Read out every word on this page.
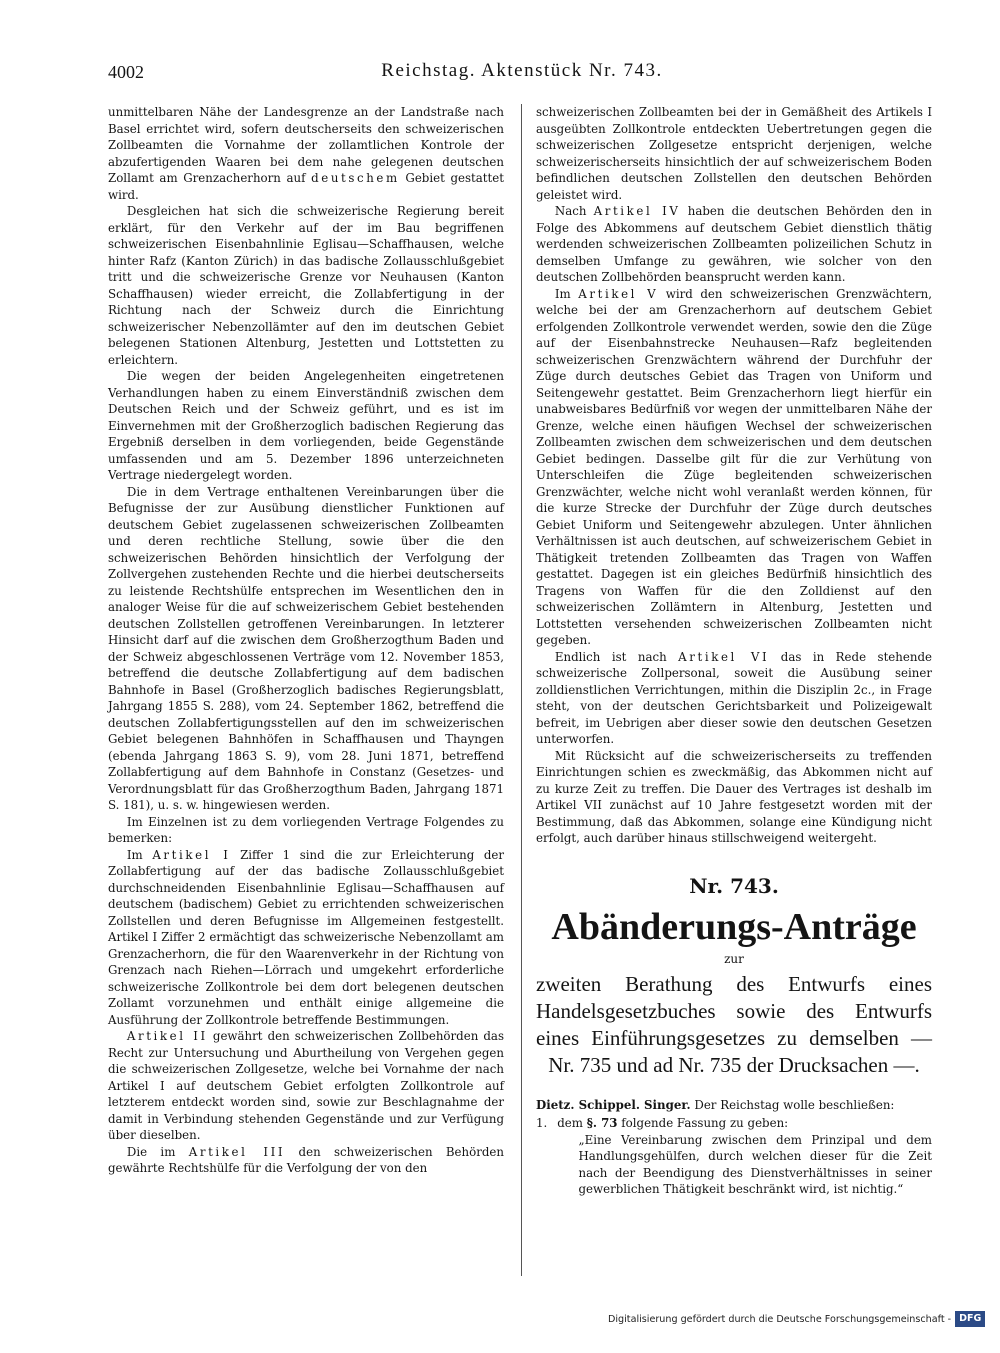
4002	Reichstag. Aktenstück Nr. 743.

unmittelbaren Nähe der Landesgrenze an der Landstraße nach Basel errichtet wird, sofern deutscherseits den schweizerischen Zollbeamten die Vornahme der zollamtlichen Kontrole der abzufertigenden Waaren bei dem nahe gelegenen deutschen Zollamt am Grenzacherhorn auf deutschem Gebiet gestattet wird.

Desgleichen hat sich die schweizerische Regierung bereit erklärt, für den Verkehr auf der im Bau begriffenen schweizerischen Eisenbahnlinie Eglisau—Schaffhausen, welche hinter Rafz (Kanton Zürich) in das badische Zollausschlußgebiet tritt und die schweizerische Grenze vor Neuhausen (Kanton Schaffhausen) wieder erreicht, die Zollabfertigung in der Richtung nach der Schweiz durch die Einrichtung schweizerischer Nebenzollämter auf den im deutschen Gebiet belegenen Stationen Altenburg, Jestetten und Lottstetten zu erleichtern.

Die wegen der beiden Angelegenheiten eingetretenen Verhandlungen haben zu einem Einverständniß zwischen dem Deutschen Reich und der Schweiz geführt, und es ist im Einvernehmen mit der Großherzoglich badischen Regierung das Ergebniß derselben in dem vorliegenden, beide Gegenstände umfassenden und am 5. Dezember 1896 unterzeichneten Vertrage niedergelegt worden.

Die in dem Vertrage enthaltenen Vereinbarungen über die Befugnisse der zur Ausübung dienstlicher Funktionen auf deutschem Gebiet zugelassenen schweizerischen Zollbeamten und deren rechtliche Stellung, sowie über die den schweizerischen Behörden hinsichtlich der Verfolgung der Zollvergehen zustehenden Rechte und die hierbei deutscherseits zu leistende Rechtshülfe entsprechen im Wesentlichen den in analoger Weise für die auf schweizerischem Gebiet bestehenden deutschen Zollstellen getroffenen Vereinbarungen. In letzterer Hinsicht darf auf die zwischen dem Großherzogthum Baden und der Schweiz abgeschlossenen Verträge vom 12. November 1853, betreffend die deutsche Zollabfertigung auf dem badischen Bahnhofe in Basel (Großherzoglich badisches Regierungsblatt, Jahrgang 1855 S. 288), vom 24. September 1862, betreffend die deutschen Zollabfertigungsstellen auf den im schweizerischen Gebiet belegenen Bahnhöfen in Schaffhausen und Thayngen (ebenda Jahrgang 1863 S. 9), vom 28. Juni 1871, betreffend Zollabfertigung auf dem Bahnhofe in Constanz (Gesetzes- und Verordnungsblatt für das Großherzogthum Baden, Jahrgang 1871 S. 181), u. s. w. hingewiesen werden.

Im Einzelnen ist zu dem vorliegenden Vertrage Folgendes zu bemerken:

Im Artikel I Ziffer 1 sind die zur Erleichterung der Zollabfertigung auf der das badische Zollausschlußgebiet durchschneidenden Eisenbahnlinie Eglisau—Schaffhausen auf deutschem (badischem) Gebiet zu errichtenden schweizerischen Zollstellen und deren Befugnisse im Allgemeinen festgestellt. Artikel I Ziffer 2 ermächtigt das schweizerische Nebenzollamt am Grenzacherhorn, die für den Waarenverkehr in der Richtung von Grenzach nach Riehen—Lörrach und umgekehrt erforderliche schweizerische Zollkontrole bei dem dort belegenen deutschen Zollamt vorzunehmen und enthält einige allgemeine die Ausführung der Zollkontrole betreffende Bestimmungen.

Artikel II gewährt den schweizerischen Zollbehörden das Recht zur Untersuchung und Aburtheilung von Vergehen gegen die schweizerischen Zollgesetze, welche bei Vornahme der nach Artikel I auf deutschem Gebiet erfolgten Zollkontrole auf letzterem entdeckt worden sind, sowie zur Beschlagnahme der damit in Verbindung stehenden Gegenstände und zur Verfügung über dieselben.

Die im Artikel III den schweizerischen Behörden gewährte Rechtshülfe für die Verfolgung der von den

schweizerischen Zollbeamten bei der in Gemäßheit des Artikels I ausgeübten Zollkontrole entdeckten Uebertretungen gegen die schweizerischen Zollgesetze entspricht derjenigen, welche schweizerischerseits hinsichtlich der auf schweizerischem Boden befindlichen deutschen Zollstellen den deutschen Behörden geleistet wird.

Nach Artikel IV haben die deutschen Behörden den in Folge des Abkommens auf deutschem Gebiet dienstlich thätig werdenden schweizerischen Zollbeamten polizeilichen Schutz in demselben Umfange zu gewähren, wie solcher von den deutschen Zollbehörden beansprucht werden kann.

Im Artikel V wird den schweizerischen Grenzwächtern, welche bei der am Grenzacherhorn auf deutschem Gebiet erfolgenden Zollkontrole verwendet werden, sowie den die Züge auf der Eisenbahnstrecke Neuhausen—Rafz begleitenden schweizerischen Grenzwächtern während der Durchfuhr der Züge durch deutsches Gebiet das Tragen von Uniform und Seitengewehr gestattet. Beim Grenzacherhorn liegt hierfür ein unabweisbares Bedürfniß vor wegen der unmittelbaren Nähe der Grenze, welche einen häufigen Wechsel der schweizerischen Zollbeamten zwischen dem schweizerischen und dem deutschen Gebiet bedingen. Dasselbe gilt für die zur Verhütung von Unterschleifen die Züge begleitenden schweizerischen Grenzwächter, welche nicht wohl veranlaßt werden können, für die kurze Strecke der Durchfuhr der Züge durch deutsches Gebiet Uniform und Seitengewehr abzulegen. Unter ähnlichen Verhältnissen ist auch deutschen, auf schweizerischem Gebiet in Thätigkeit tretenden Zollbeamten das Tragen von Waffen gestattet. Dagegen ist ein gleiches Bedürfniß hinsichtlich des Tragens von Waffen für die den Zolldienst auf den schweizerischen Zollämtern in Altenburg, Jestetten und Lottstetten versehenden schweizerischen Zollbeamten nicht gegeben.

Endlich ist nach Artikel VI das in Rede stehende schweizerische Zollpersonal, soweit die Ausübung seiner zolldienstlichen Verrichtungen, mithin die Disziplin 2c., in Frage steht, von der deutschen Gerichtsbarkeit und Polizeigewalt befreit, im Uebrigen aber dieser sowie den deutschen Gesetzen unterworfen.

Mit Rücksicht auf die schweizerischerseits zu treffenden Einrichtungen schien es zweckmäßig, das Abkommen nicht auf zu kurze Zeit zu treffen. Die Dauer des Vertrages ist deshalb im Artikel VII zunächst auf 10 Jahre festgesetzt worden mit der Bestimmung, daß das Abkommen, solange eine Kündigung nicht erfolgt, auch darüber hinaus stillschweigend weitergeht.

Nr. 743.
Abänderungs-Anträge
zur
zweiten Berathung des Entwurfs eines Handelsgesetzbuches sowie des Entwurfs eines Einführungsgesetzes zu demselben — Nr. 735 und ad Nr. 735 der Drucksachen —.

Dietz. Schippel. Singer. Der Reichstag wolle beschließen:

1. dem §. 73 folgende Fassung zu geben:

„Eine Vereinbarung zwischen dem Prinzipal und dem Handlungsgehülfen, durch welchen dieser für die Zeit nach der Beendigung des Dienstverhältnisses in seiner gewerblichen Thätigkeit beschränkt wird, ist nichtig.“

Digitalisierung gefördert durch die Deutsche Forschungsgemeinschaft - DFG
